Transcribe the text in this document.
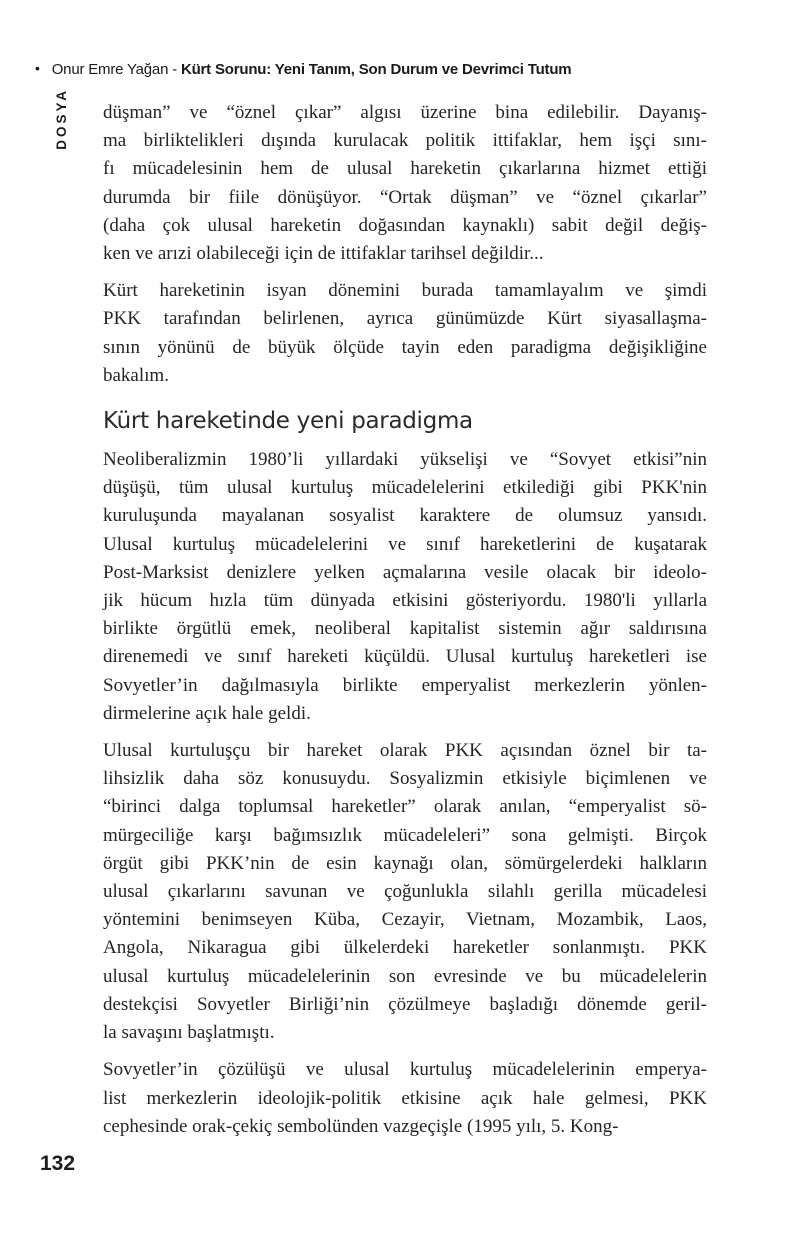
• Onur Emre Yağan - Kürt Sorunu: Yeni Tanım, Son Durum ve Devrimci Tutum
DOSYA düşman” ve “öznel çıkar” algısı üzerine bina edilebilir. Dayanış-
ma birliktelikleri dışında kurulacak politik ittifaklar, hem işçi sını-
fı mücadelesinin hem de ulusal hareketin çıkarlarına hizmet ettiği
durumda bir fiile dönüşüyor. “Ortak düşman” ve “öznel çıkarlar”
(daha çok ulusal hareketin doğasından kaynaklı) sabit değil değiş-
ken ve arızi olabileceği için de ittifaklar tarihsel değildir...
Kürt hareketinin isyan dönemini burada tamamlayalım ve şimdi
PKK tarafından belirlenen, ayrıca günümüzde Kürt siyasallaşma-
sının yönünü de büyük ölçüde tayin eden paradigma değişikliğine
bakalım.
Kürt hareketinde yeni paradigma
Neoliberalizmin 1980’li yıllardaki yükselişi ve “Sovyet etkisi”nin
düşüşü, tüm ulusal kurtuluş mücadelelerini etkilediği gibi PKK'nin
kuruluşunda mayalanan sosyalist karaktere de olumsuz yansıdı.
Ulusal kurtuluş mücadelelerini ve sınıf hareketlerini de kuşatarak
Post-Marksist denizlere yelken açmalarına vesile olacak bir ideolo-
jik hücum hızla tüm dünyada etkisini gösteriyordu. 1980'li yıllarla
birlikte örgütlü emek, neoliberal kapitalist sistemin ağır saldırısına
direnemedi ve sınıf hareketi küçüldü. Ulusal kurtuluş hareketleri ise
Sovyetler’in dağılmasıyla birlikte emperyalist merkezlerin yönlen-
dirmelerine açık hale geldi.
Ulusal kurtuluşçu bir hareket olarak PKK açısından öznel bir ta-
lihsizlik daha söz konusuydu. Sosyalizmin etkisiyle biçimlenen ve
“birinci dalga toplumsal hareketler” olarak anılan, “emperyalist sö-
mürgeciliğe karşı bağımsızlık mücadeleleri” sona gelmişti. Birçok
örgüt gibi PKK’nin de esin kaynağı olan, sömürgelerdeki halkların
ulusal çıkarlarını savunan ve çoğunlukla silahlı gerilla mücadelesi
yöntemini benimseyen Küba, Cezayir, Vietnam, Mozambik, Laos,
Angola, Nikaragua gibi ülkelerdeki hareketler sonlanmıştı. PKK
ulusal kurtuluş mücadelelerinin son evresinde ve bu mücadelelerin
destekçisi Sovyetler Birliği’nin çözülmeye başladığı dönemde geril-
la savaşını başlatmıştı.
Sovyetler’in çözülüşü ve ulusal kurtuluş mücadelelerinin emperya-
list merkezlerin ideolojik-politik etkisine açık hale gelmesi, PKK
cephesinde orak-çekiç sembolünden vazgeçişle (1995 yılı, 5. Kong-
132
